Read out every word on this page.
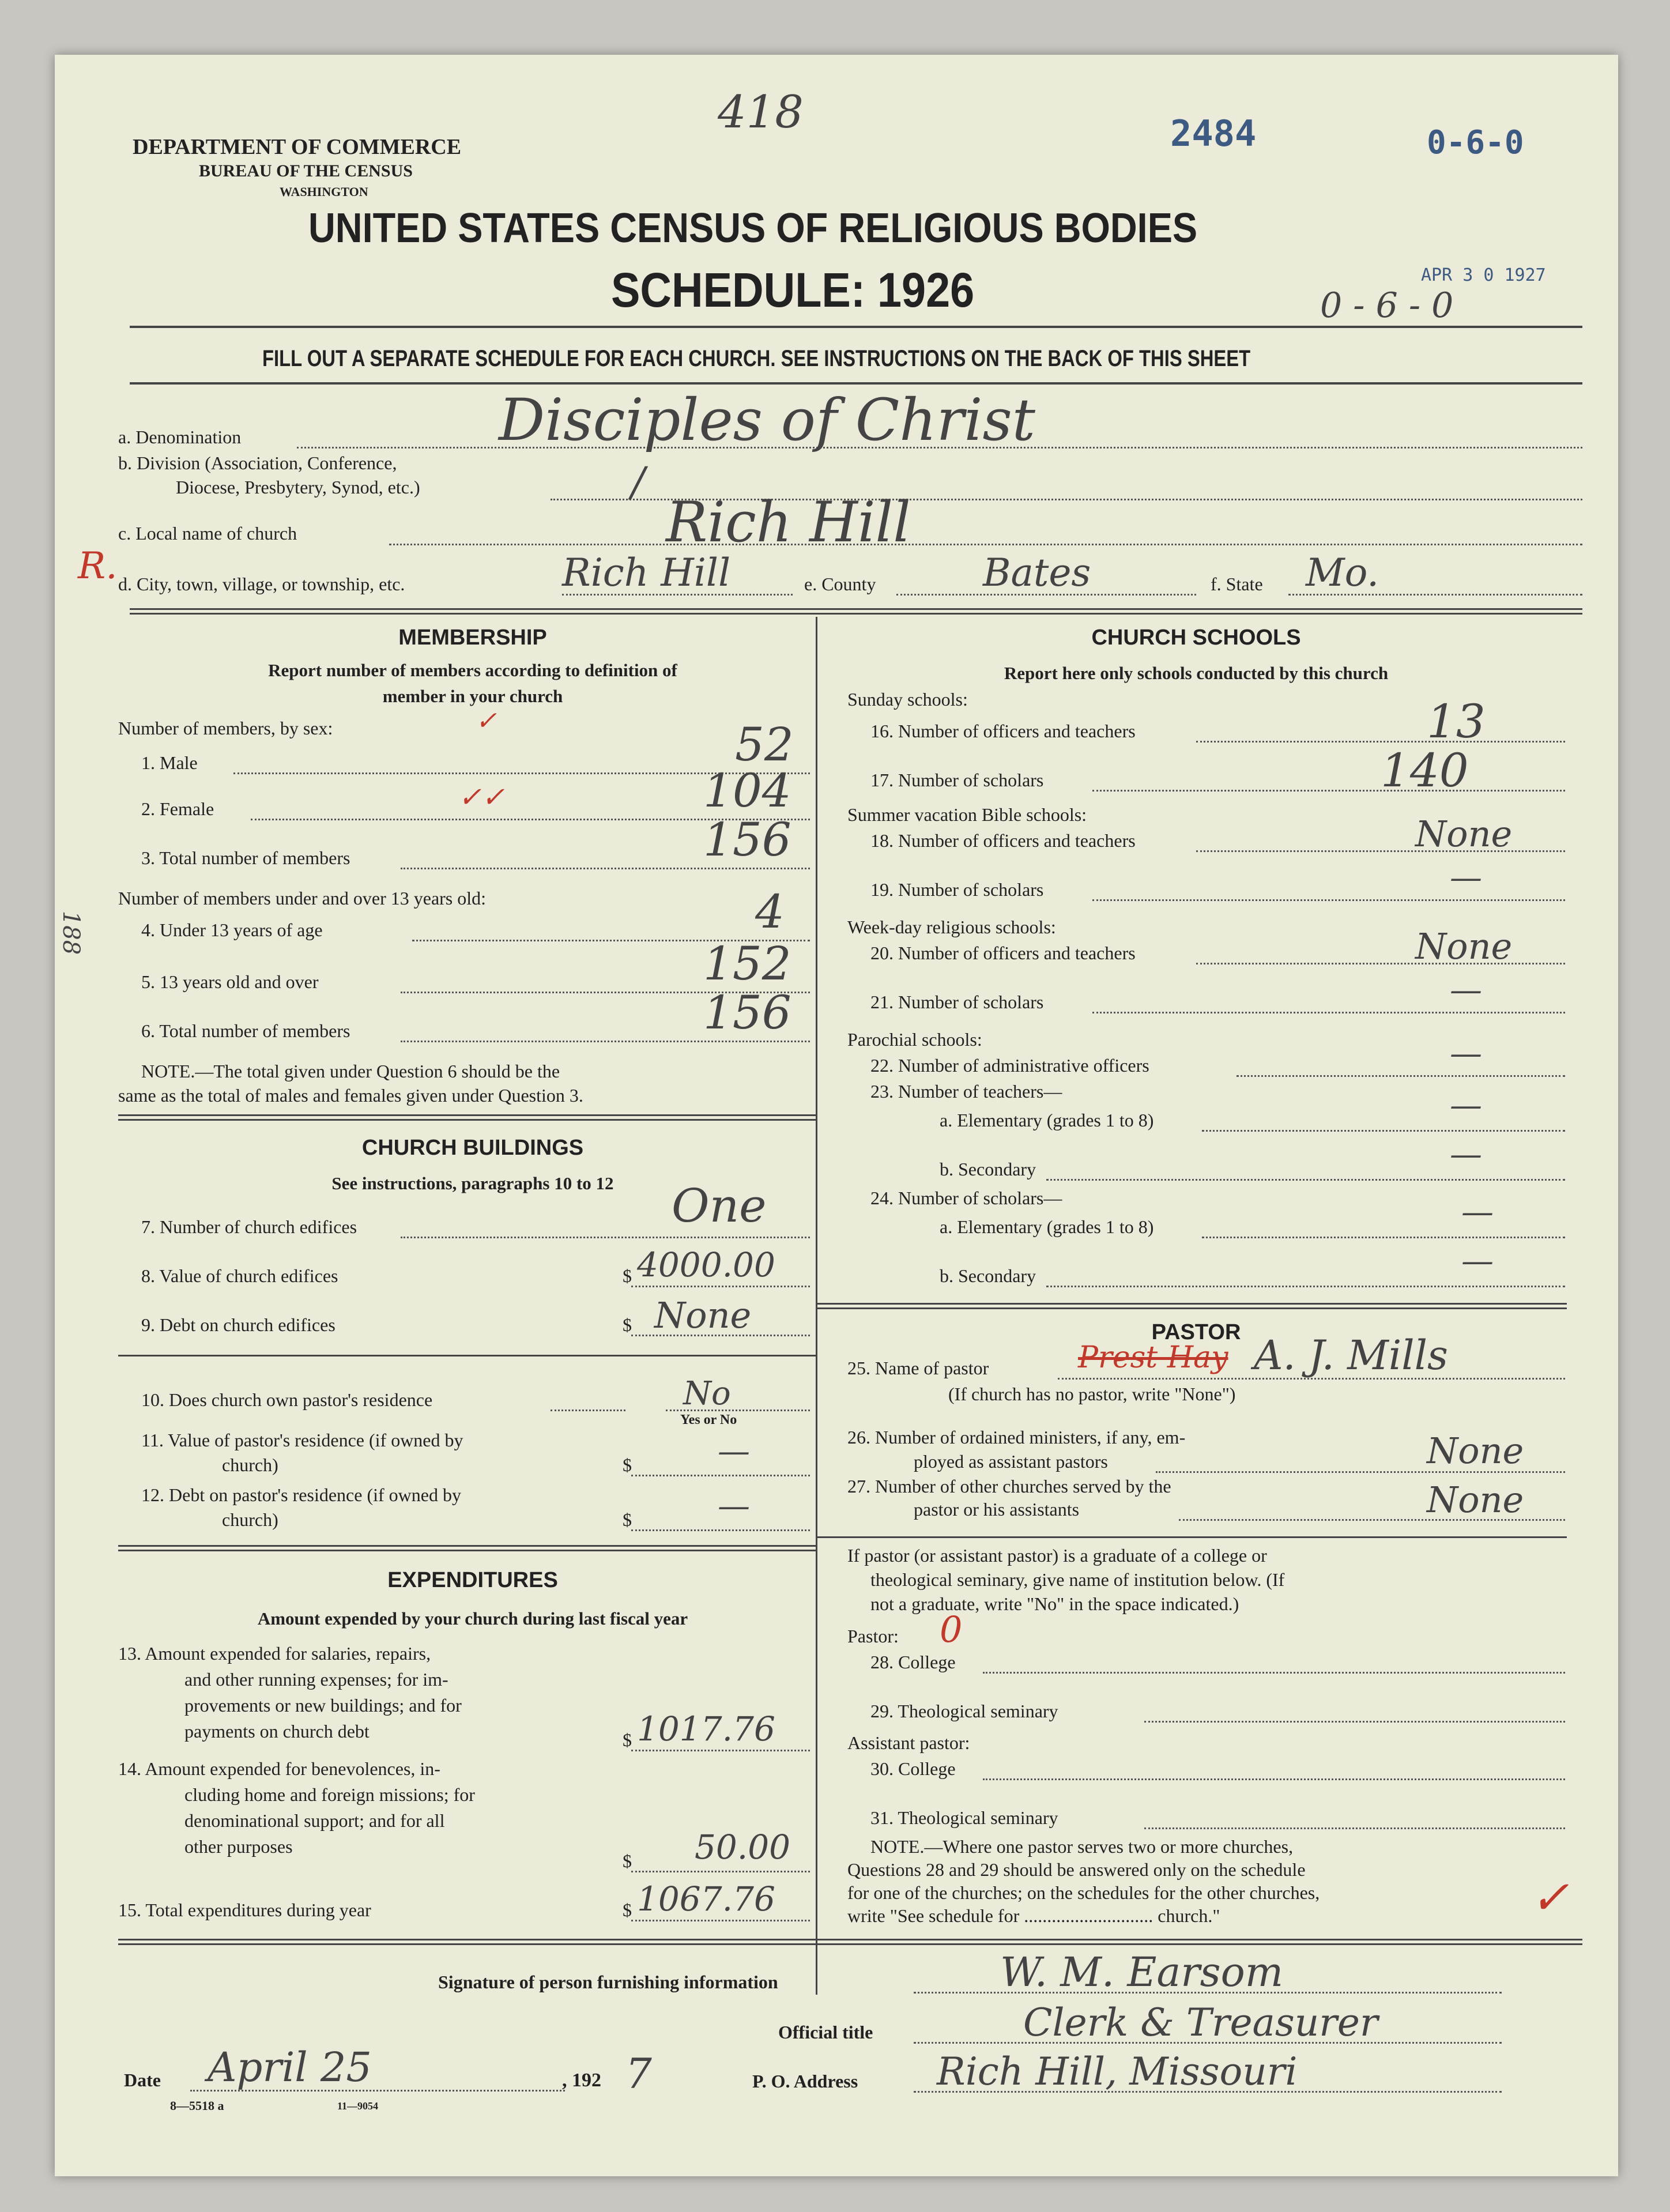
418	2484	0-6-0
DEPARTMENT OF COMMERCE
BUREAU OF THE CENSUS
WASHINGTON
UNITED STATES CENSUS OF RELIGIOUS BODIES
SCHEDULE: 1926	APR 3 0 1927
0 - 6 - 0
FILL OUT A SEPARATE SCHEDULE FOR EACH CHURCH. SEE INSTRUCTIONS ON THE BACK OF THIS SHEET
a. Denomination	Disciples of Christ
b. Division (Association, Conference,
Diocese, Presbytery, Synod, etc.)	/
c. Local name of church	Rich Hill
R. d. City, town, village, or township, etc.	Rich Hill	e. County	Bates	f. State Mo.
MEMBERSHIP
Report number of members according to definition of
member in your church
Number of members, by sex:	✓
1. Male	52
2. Female	✓✓	104
3. Total number of members	156
188
Number of members under and over 13 years old:
4. Under 13 years of age	4
5. 13 years old and over	152
6. Total number of members	156
NOTE.—The total given under Question 6 should be the
same as the total of males and females given under Question 3.
CHURCH BUILDINGS
See instructions, paragraphs 10 to 12
7. Number of church edifices	One
8. Value of church edifices	$ 4000.00
9. Debt on church edifices	$ None
10. Does church own pastor's residence	No
Yes or No
11. Value of pastor's residence (if owned by
church)	$	—
12. Debt on pastor's residence (if owned by
church)	$	—
EXPENDITURES
Amount expended by your church during last fiscal year
13. Amount expended for salaries, repairs,
and other running expenses; for im-
provements or new buildings; and for
payments on church debt	$ 1017.76
14. Amount expended for benevolences, in-
cluding home and foreign missions; for
denominational support; and for all
other purposes
$ 50.00
15. Total expenditures during year	$ 1067.76
CHURCH SCHOOLS
Report here only schools conducted by this church
Sunday schools:
16. Number of officers and teachers	13
17. Number of scholars	140
Summer vacation Bible schools:
18. Number of officers and teachers	None
19. Number of scholars	—
Week-day religious schools:
20. Number of officers and teachers	None
21. Number of scholars	—
Parochial schools:
22. Number of administrative officers	—
23. Number of teachers—
a. Elementary (grades 1 to 8)	—
b. Secondary	—
24. Number of scholars—
a. Elementary (grades 1 to 8)	—
b. Secondary	—
PASTOR
25. Name of pastor	Prest Hay A. J. Mills
(If church has no pastor, write "None")
26. Number of ordained ministers, if any, em-
ployed as assistant pastors	None
27. Number of other churches served by the
pastor or his assistants	None
If pastor (or assistant pastor) is a graduate of a college or
theological seminary, give name of institution below. (If
not a graduate, write "No" in the space indicated.)
Pastor: 0
28. College
29. Theological seminary
Assistant pastor:
30. College
31. Theological seminary
NOTE.—Where one pastor serves two or more churches,
Questions 28 and 29 should be answered only on the schedule
for one of the churches; on the schedules for the other churches,
write "See schedule for ............................ church."	✓
Signature of person furnishing information	W. M. Earsom
Official title	Clerk & Treasurer
Date April 25	, 192 7	P. O. Address Rich Hill, Missouri
8—5518 a	11—9054
